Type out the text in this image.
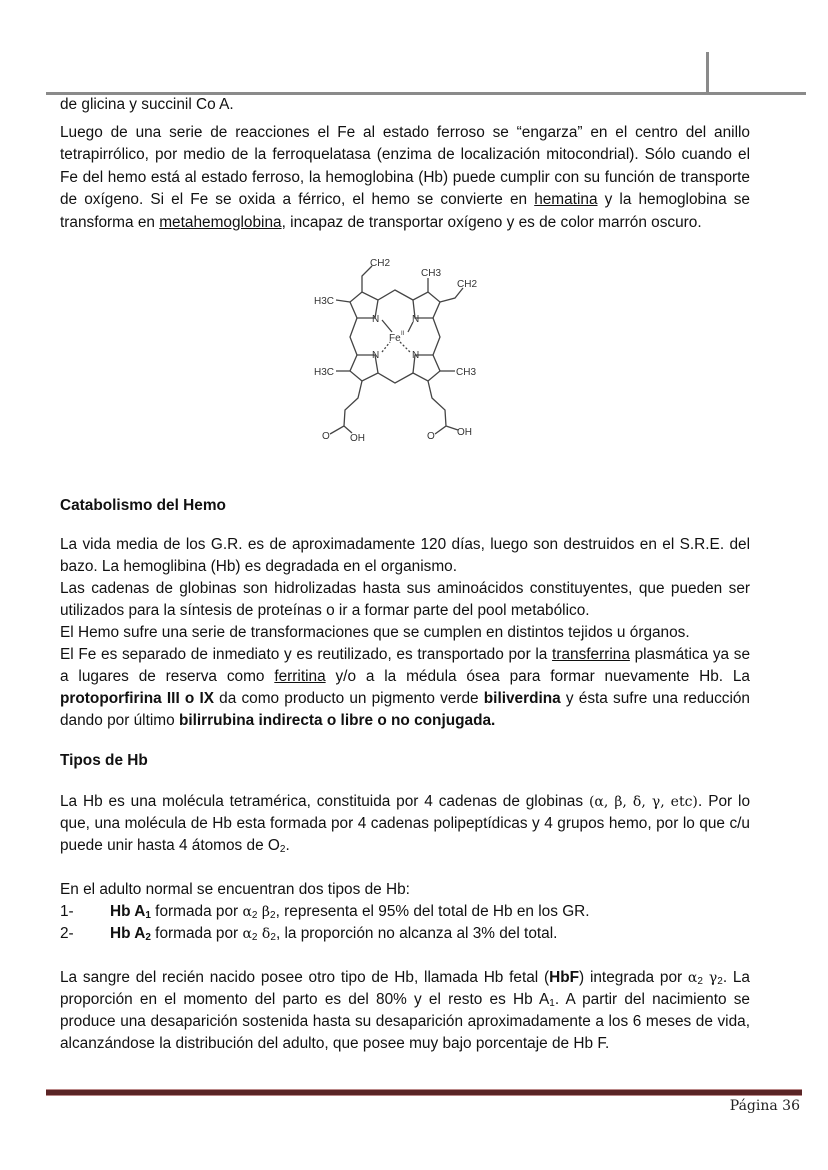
de glicina y succinil Co A.

Luego de una serie de reacciones el Fe al estado ferroso se “engarza” en el centro del anillo tetrapirrólico, por medio de la ferroquelatasa (enzima de localización mitocondrial). Sólo cuando el Fe del hemo está al estado ferroso, la hemoglobina (Hb) puede cumplir con su función de transporte de oxígeno. Si el Fe se oxida a férrico, el hemo se convierte en hematina y la hemoglobina se transforma en metahemoglobina, incapaz de transportar oxígeno y es de color marrón oscuro.

CH2
CH3
CH2
H3C
H3C	CH3
N	N
N	N
Fe II
O OH	O OH

Catabolismo del Hemo

La vida media de los G.R. es de aproximadamente 120 días, luego son destruidos en el S.R.E. del bazo. La hemoglibina (Hb) es degradada en el organismo.

Las cadenas de globinas son hidrolizadas hasta sus aminoácidos constituyentes, que pueden ser utilizados para la síntesis de proteínas o ir a formar parte del pool metabólico.

El Hemo sufre una serie de transformaciones que se cumplen en distintos tejidos u órganos.

El Fe es separado de inmediato y es reutilizado, es transportado por la transferrina plasmática ya se a lugares de reserva como ferritina y/o a la médula ósea para formar nuevamente Hb. La protoporfirina III o IX da como producto un pigmento verde biliverdina y ésta sufre una reducción dando por último bilirrubina indirecta o libre o no conjugada.

Tipos de Hb

La Hb es una molécula tetramérica, constituida por 4 cadenas de globinas (α, β, δ, γ, etc). Por lo que, una molécula de Hb esta formada por 4 cadenas polipeptídicas y 4 grupos hemo, por lo que c/u puede unir hasta 4 átomos de $O_2$.

En el adulto normal se encuentran dos tipos de Hb:

1-	Hb $A_1$ formada por $\alpha_2$ $\beta_2$, representa el 95% del total de Hb en los GR.
2-	Hb $A_2$ formada por $\alpha_2$ $\delta_2$, la proporción no alcanza al 3% del total.

La sangre del recién nacido posee otro tipo de Hb, llamada Hb fetal (HbF) integrada por $\alpha_2$ $\gamma_2$. La proporción en el momento del parto es del 80% y el resto es Hb $A_1$. A partir del nacimiento se produce una desaparición sostenida hasta su desaparición aproximadamente a los 6 meses de vida, alcanzándose la distribución del adulto, que posee muy bajo porcentaje de Hb F.

Página 36
